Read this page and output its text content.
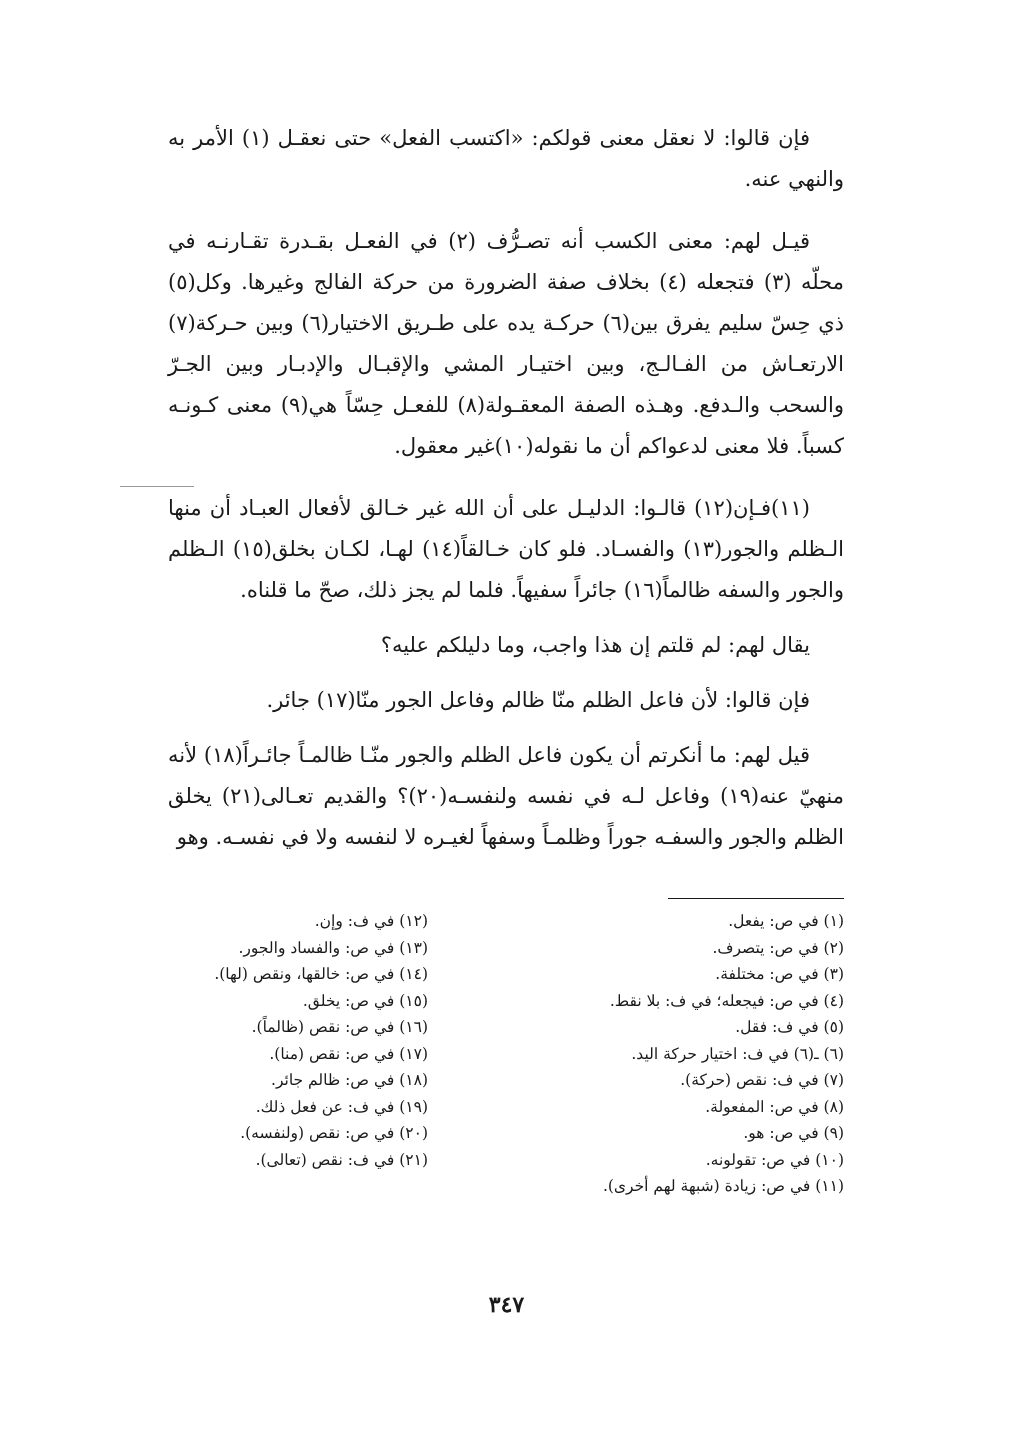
فإن قالوا: لا نعقل معنى قولكم: «اكتسب الفعل» حتى نعقـل (١) الأمر به والنهي عنه.

قيـل لهم: معنى الكسب أنه تصـرُّف (٢) في الفعـل بقـدرة تقـارنـه في محلّه (٣) فتجعله (٤) بخلاف صفة الضرورة من حركة الفالج وغيرها. وكل(٥) ذي حِسّ سليم يفرق بين(٦) حركـة يده على طـريق الاختيار(٦) وبين حـركة(٧) الارتعـاش من الفـالـج، وبين اختيـار المشي والإقبـال والإدبـار وبين الجـرّ والسحب والـدفع. وهـذه الصفة المعقـولة(٨) للفعـل حِسّاً هي(٩) معنى كـونـه كسباً. فلا معنى لدعواكم أن ما نقوله(١٠)غير معقول.

(١١)فـإن(١٢) قالـوا: الدليـل على أن الله غير خـالق لأفعال العبـاد أن منها الـظلم والجور(١٣) والفسـاد. فلو كان خـالقاً(١٤) لهـا، لكـان بخلق(١٥) الـظلم والجور والسفه ظالماً(١٦) جائراً سفيهاً. فلما لم يجز ذلك، صحّ ما قلناه.

يقال لهم: لم قلتم إن هذا واجب، وما دليلكم عليه؟

فإن قالوا: لأن فاعل الظلم منّا ظالم وفاعل الجور منّا(١٧) جائر.

قيل لهم: ما أنكرتم أن يكون فاعل الظلم والجور منّـا ظالمـاً جائـراً(١٨) لأنه منهيّ عنه(١٩) وفاعل لـه في نفسه ولنفسـه(٢٠)؟ والقديم تعـالى(٢١) يخلق الظلم والجور والسفـه جوراً وظلمـاً وسفهاً لغيـره لا لنفسه ولا في نفسـه. وهو

(١) في ص: يفعل.
(٢) في ص: يتصرف.
(٣) في ص: مختلفة.
(٤) في ص: فيجعله؛ في ف: بلا نقط.
(٥) في ف: فقل.
(٦) ـ(٦) في ف: اختيار حركة اليد.
(٧) في ف: نقص (حركة).
(٨) في ص: المفعولة.
(٩) في ص: هو.
(١٠) في ص: تقولونه.
(١١) في ص: زيادة (شبهة لهم أخرى).
(١٢) في ف: وإن.
(١٣) في ص: والفساد والجور.
(١٤) في ص: خالقها، ونقص (لها).
(١٥) في ص: يخلق.
(١٦) في ص: نقص (ظالماً).
(١٧) في ص: نقص (منا).
(١٨) في ص: ظالم جائر.
(١٩) في ف: عن فعل ذلك.
(٢٠) في ص: نقص (ولنفسه).
(٢١) في ف: نقص (تعالى).
٣٤٧
